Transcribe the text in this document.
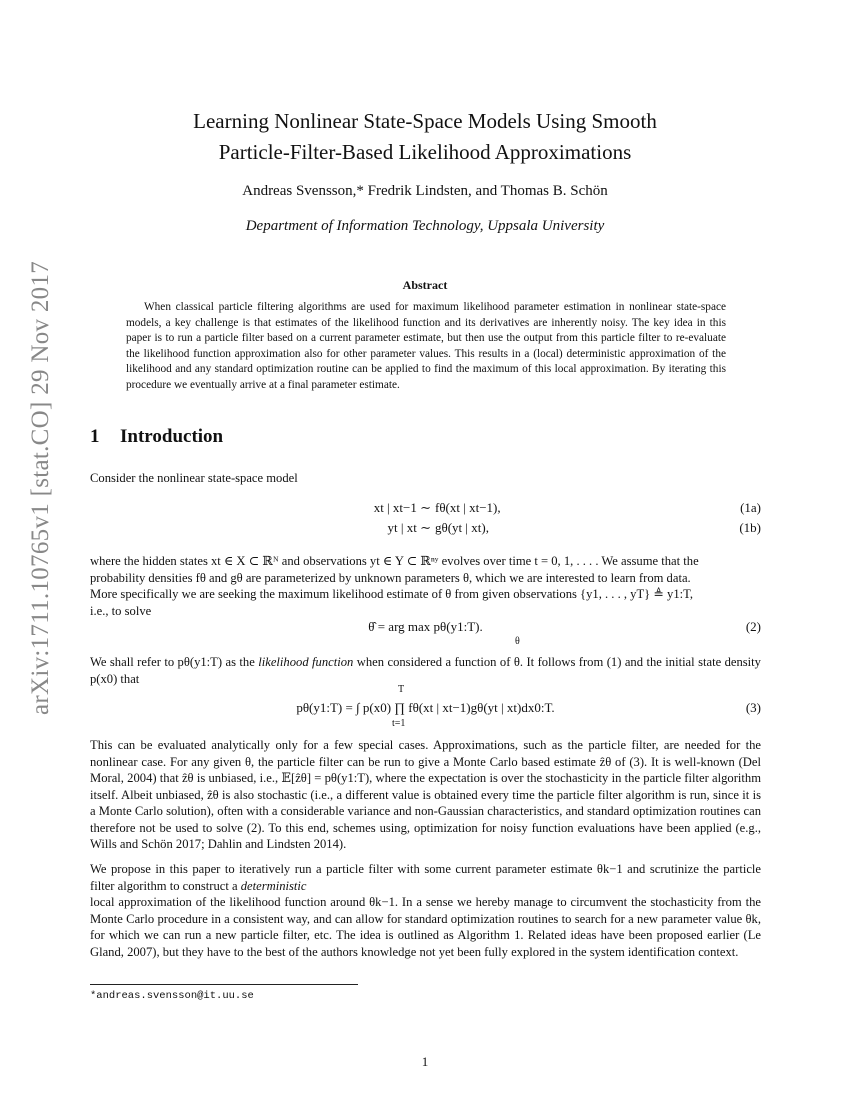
arXiv:1711.10765v1 [stat.CO] 29 Nov 2017
Learning Nonlinear State-Space Models Using Smooth
Particle-Filter-Based Likelihood Approximations
Andreas Svensson,* Fredrik Lindsten, and Thomas B. Schön
Department of Information Technology, Uppsala University
Abstract
When classical particle filtering algorithms are used for maximum likelihood parameter estimation in nonlinear state-space models, a key challenge is that estimates of the likelihood function and its derivatives are inherently noisy. The key idea in this paper is to run a particle filter based on a current parameter estimate, but then use the output from this particle filter to re-evaluate the likelihood function approximation also for other parameter values. This results in a (local) deterministic approximation of the likelihood and any standard optimization routine can be applied to find the maximum of this local approximation. By iterating this procedure we eventually arrive at a final parameter estimate.
1 Introduction
Consider the nonlinear state-space model
xt | xt−1 ∼ fθ(xt | xt−1),	(1a)
yt | xt ∼ gθ(yt | xt),	(1b)
where the hidden states xt ∈ X ⊂ ℝᴺ and observations yt ∈ Y ⊂ ℝⁿʸ evolves over time t = 0, 1, . . . . We assume that the
probability densities fθ and gθ are parameterized by unknown parameters θ, which we are interested to learn from data.
More specifically we are seeking the maximum likelihood estimate of θ from given observations {y1, . . . , yT} ≜ y1:T,
i.e., to solve
θ̂ = arg max pθ(y1:T).
θ
(2)
We shall refer to pθ(y1:T) as the likelihood function when considered a function of θ. It follows from (1) and the initial state density p(x0) that
T
pθ(y1:T) = ∫ p(x0) ∏ fθ(xt | xt−1)gθ(yt | xt)dx0:T.
t=1
(3)
This can be evaluated analytically only for a few special cases. Approximations, such as the particle filter, are needed for the nonlinear case. For any given θ, the particle filter can be run to give a Monte Carlo based estimate ẑθ of (3). It is well-known (Del Moral, 2004) that ẑθ is unbiased, i.e., 𝔼[ẑθ] = pθ(y1:T), where the expectation is over the stochasticity in the particle filter algorithm itself. Albeit unbiased, ẑθ is also stochastic (i.e., a different value is obtained every time the particle filter algorithm is run, since it is a Monte Carlo solution), often with a considerable variance and non-Gaussian characteristics, and standard optimization routines can therefore not be used to solve (2). To this end, schemes using, optimization for noisy function evaluations have been applied (e.g., Wills and Schön 2017; Dahlin and Lindsten 2014).
We propose in this paper to iteratively run a particle filter with some current parameter estimate θk−1 and scrutinize the particle filter algorithm to construct a deterministic
local approximation of the likelihood function around θk−1. In a sense we hereby manage to circumvent the stochasticity from the Monte Carlo procedure in a consistent way, and can allow for standard optimization routines to search for a new parameter value θk, for which we can run a new particle filter, etc. The idea is outlined as Algorithm 1. Related ideas have been proposed earlier (Le Gland, 2007), but they have to the best of the authors knowledge not yet been fully explored in the system identification context.
*andreas.svensson@it.uu.se
1
